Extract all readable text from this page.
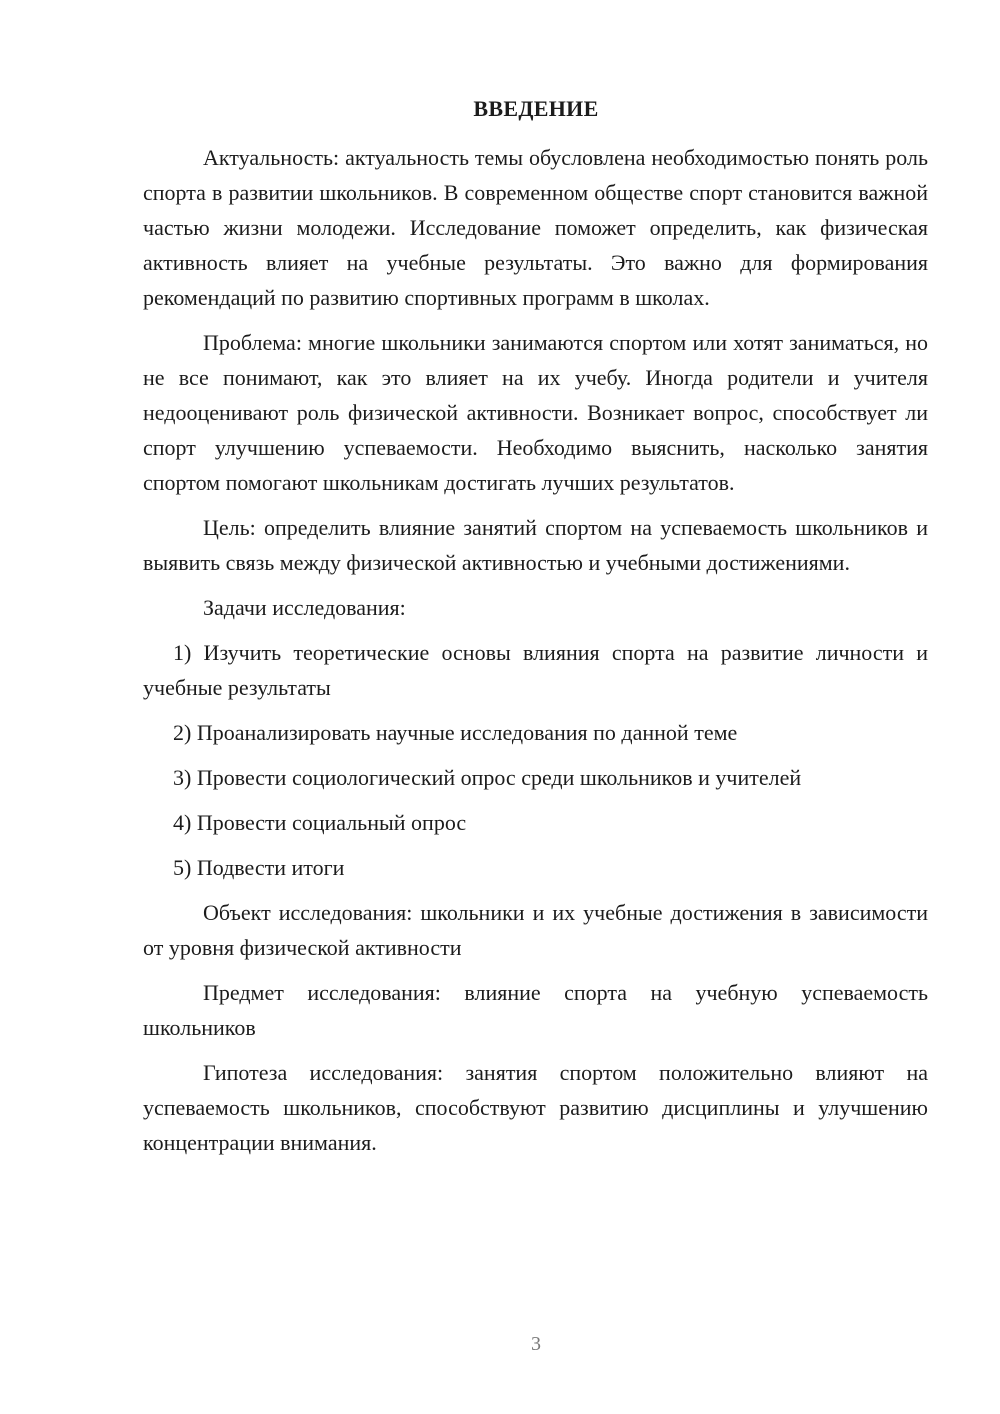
ВВЕДЕНИЕ

Актуальность: актуальность темы обусловлена необходимостью понять роль спорта в развитии школьников. В современном обществе спорт становится важной частью жизни молодежи. Исследование поможет определить, как физическая активность влияет на учебные результаты. Это важно для формирования рекомендаций по развитию спортивных программ в школах.

Проблема: многие школьники занимаются спортом или хотят заниматься, но не все понимают, как это влияет на их учебу. Иногда родители и учителя недооценивают роль физической активности. Возникает вопрос, способствует ли спорт улучшению успеваемости. Необходимо выяснить, насколько занятия спортом помогают школьникам достигать лучших результатов.

Цель: определить влияние занятий спортом на успеваемость школьников и выявить связь между физической активностью и учебными достижениями.

Задачи исследования:

1) Изучить теоретические основы влияния спорта на развитие личности и учебные результаты

2) Проанализировать научные исследования по данной теме

3) Провести социологический опрос среди школьников и учителей

4) Провести социальный опрос

5) Подвести итоги

Объект исследования: школьники и их учебные достижения в зависимости от уровня физической активности

Предмет исследования: влияние спорта на учебную успеваемость школьников

Гипотеза исследования: занятия спортом положительно влияют на успеваемость школьников, способствуют развитию дисциплины и улучшению концентрации внимания.

3
